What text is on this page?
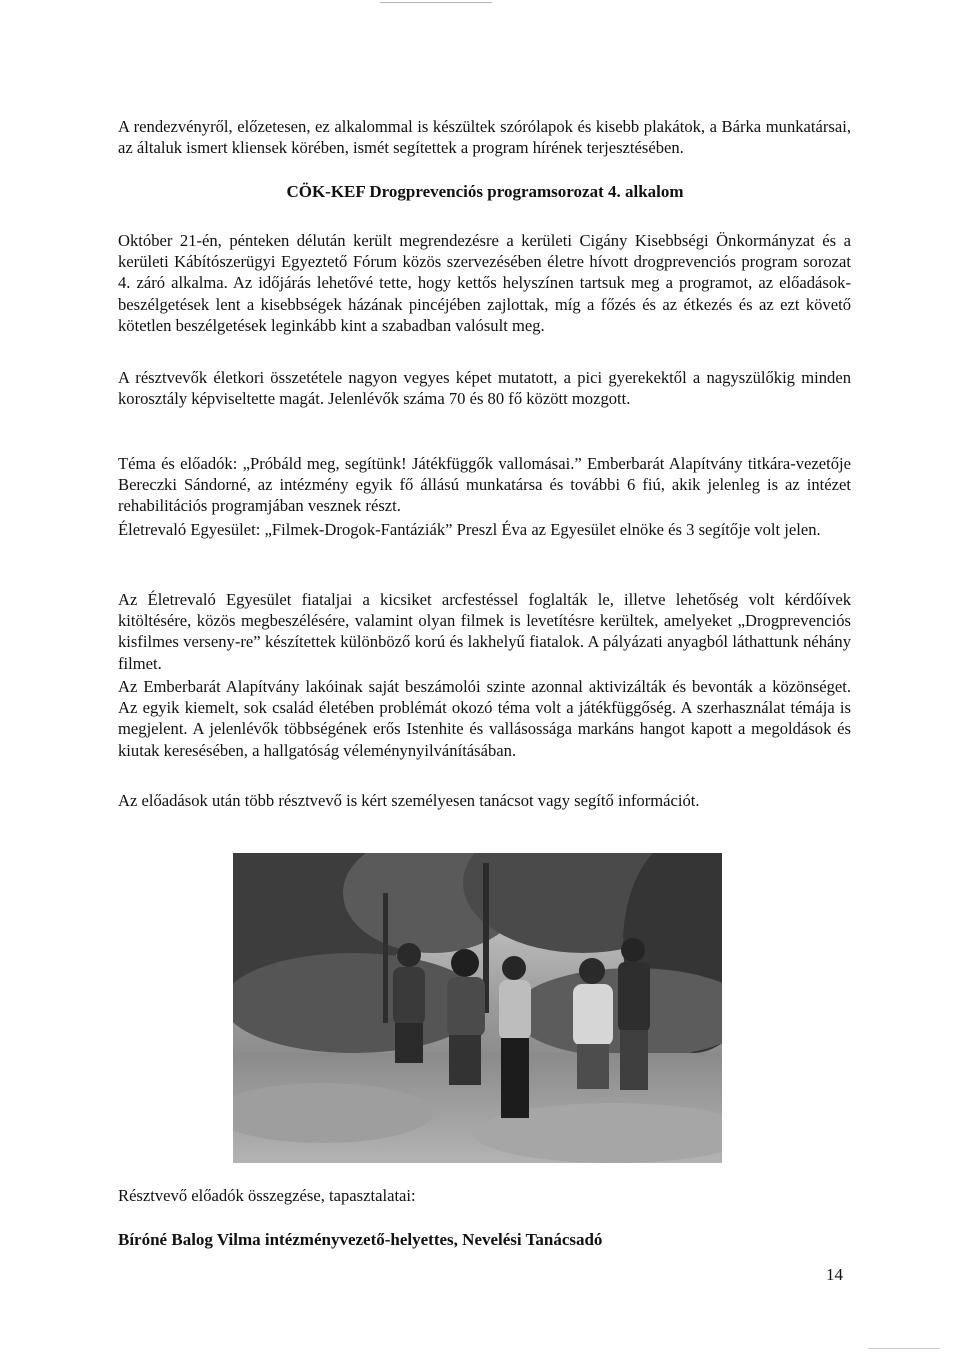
A rendezvényről, előzetesen, ez alkalommal is készültek szórólapok és kisebb plakátok, a Bárka munkatársai, az általuk ismert kliensek körében, ismét segítettek a program hírének terjesztésében.

CÖK-KEF Drogprevenciós programsorozat 4. alkalom

Október 21-én, pénteken délután került megrendezésre a kerületi Cigány Kisebbségi Önkormányzat és a kerületi Kábítószerügyi Egyeztető Fórum közös szervezésében életre hívott drogprevenciós program sorozat 4. záró alkalma. Az időjárás lehetővé tette, hogy kettős helyszínen tartsuk meg a programot, az előadások-beszélgetések lent a kisebbségek házának pincéjében zajlottak, míg a főzés és az étkezés és az ezt követő kötetlen beszélgetések leginkább kint a szabadban valósult meg.

A résztvevők életkori összetétele nagyon vegyes képet mutatott, a pici gyerekektől a nagyszülőkig minden korosztály képviseltette magát. Jelenlévők száma 70 és 80 fő között mozgott.

Téma és előadók: „Próbáld meg, segítünk! Játékfüggők vallomásai.” Emberbarát Alapítvány titkára-vezetője Bereczki Sándorné, az intézmény egyik fő állású munkatársa és további 6 fiú, akik jelenleg is az intézet rehabilitációs programjában vesznek részt.

Életrevaló Egyesület: „Filmek-Drogok-Fantáziák” Preszl Éva az Egyesület elnöke és 3 segítője volt jelen.

Az Életrevaló Egyesület fiataljai a kicsiket arcfestéssel foglalták le, illetve lehetőség volt kérdőívek kitöltésére, közös megbeszélésére, valamint olyan filmek is levetítésre kerültek, amelyeket „Drogprevenciós kisfilmes verseny-re” készítettek különböző korú és lakhelyű fiatalok. A pályázati anyagból láthattunk néhány filmet.

Az Emberbarát Alapítvány lakóinak saját beszámolói szinte azonnal aktivizálták és bevonták a közönséget. Az egyik kiemelt, sok család életében problémát okozó téma volt a játékfüggőség. A szerhasználat témája is megjelent. A jelenlévők többségének erős Istenhite és vallásossága markáns hangot kapott a megoldások és kiutak keresésében, a hallgatóság véleménynyilvánításában.

Az előadások után több résztvevő is kért személyesen tanácsot vagy segítő információt.

Résztvevő előadók összegzése, tapasztalatai:

Bíróné Balog Vilma intézményvezető-helyettes, Nevelési Tanácsadó

14
